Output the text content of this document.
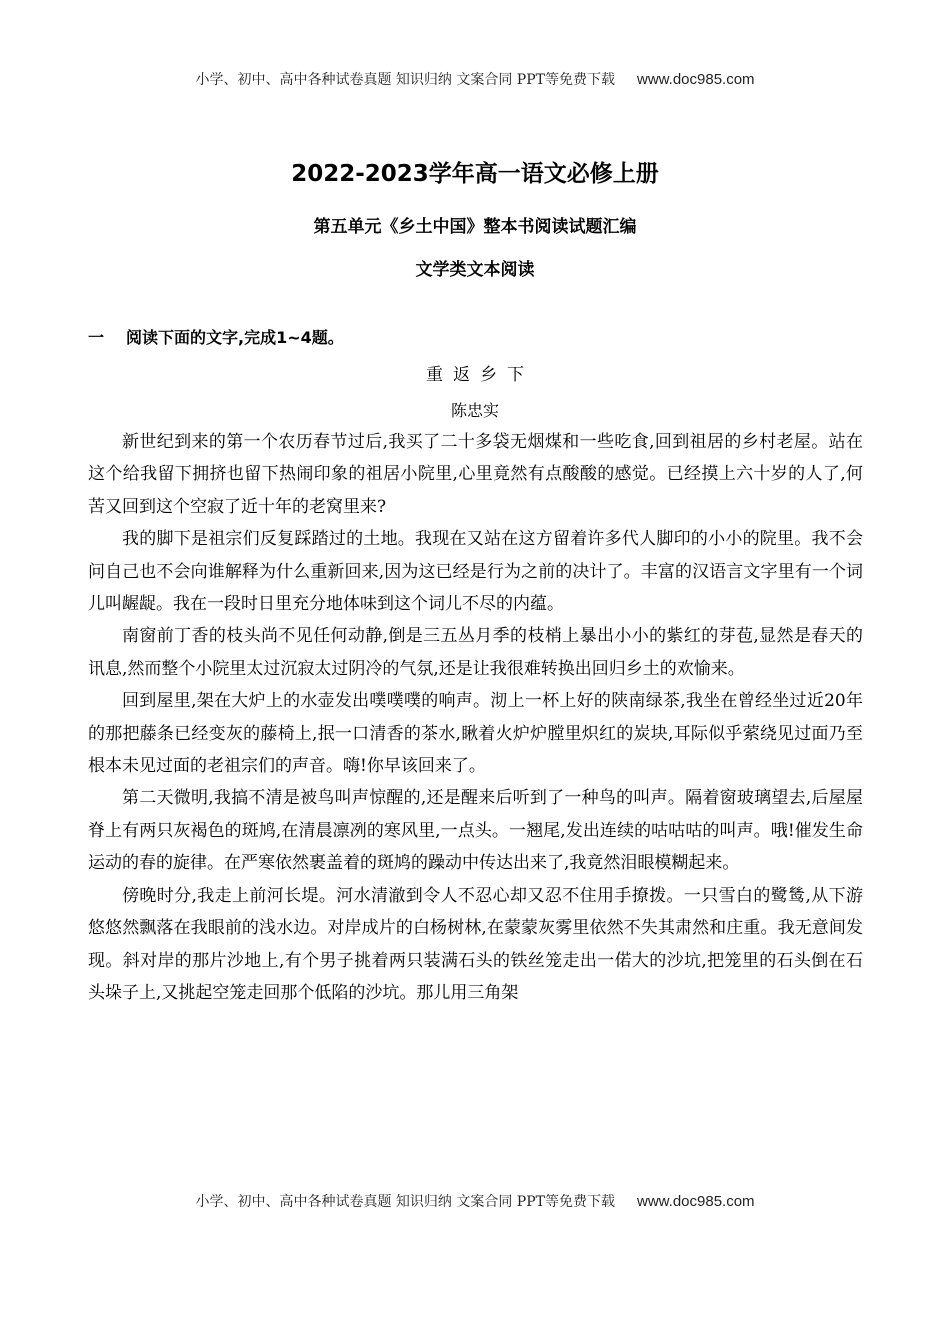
小学、初中、高中各种试卷真题 知识归纳 文案合同 PPT等免费下载 www.doc985.com
2022-2023学年高一语文必修上册
第五单元《乡土中国》整本书阅读试题汇编
文学类文本阅读
一 阅读下面的文字,完成1~4题。
重返乡下
陈忠实

新世纪到来的第一个农历春节过后,我买了二十多袋无烟煤和一些吃食,回到祖居的乡村老屋。站在这个给我留下拥挤也留下热闹印象的祖居小院里,心里竟然有点酸酸的感觉。已经摸上六十岁的人了,何苦又回到这个空寂了近十年的老窝里来?

我的脚下是祖宗们反复踩踏过的土地。我现在又站在这方留着许多代人脚印的小小的院里。我不会问自己也不会向谁解释为什么重新回来,因为这已经是行为之前的决计了。丰富的汉语言文字里有一个词儿叫龌龊。我在一段时日里充分地体味到这个词儿不尽的内蕴。

南窗前丁香的枝头尚不见任何动静,倒是三五丛月季的枝梢上暴出小小的紫红的芽苞,显然是春天的讯息,然而整个小院里太过沉寂太过阴冷的气氛,还是让我很难转换出回归乡土的欢愉来。

回到屋里,架在大炉上的水壶发出噗噗噗的响声。沏上一杯上好的陕南绿茶,我坐在曾经坐过近20年的那把藤条已经变灰的藤椅上,抿一口清香的茶水,瞅着火炉炉膛里炽红的炭块,耳际似乎萦绕见过面乃至根本未见过面的老祖宗们的声音。嗨!你早该回来了。

第二天微明,我搞不清是被鸟叫声惊醒的,还是醒来后听到了一种鸟的叫声。隔着窗玻璃望去,后屋屋脊上有两只灰褐色的斑鸠,在清晨凛冽的寒风里,一点头。一翘尾,发出连续的咕咕咕的叫声。哦!催发生命运动的春的旋律。在严寒依然裹盖着的斑鸠的躁动中传达出来了,我竟然泪眼模糊起来。

傍晚时分,我走上前河长堤。河水清澈到令人不忍心却又忍不住用手撩拨。一只雪白的鹭鸶,从下游悠悠然飘落在我眼前的浅水边。对岸成片的白杨树林,在蒙蒙灰雾里依然不失其肃然和庄重。我无意间发现。斜对岸的那片沙地上,有个男子挑着两只装满石头的铁丝笼走出一偌大的沙坑,把笼里的石头倒在石头垛子上,又挑起空笼走回那个低陷的沙坑。那儿用三角架

小学、初中、高中各种试卷真题 知识归纳 文案合同 PPT等免费下载 www.doc985.com
